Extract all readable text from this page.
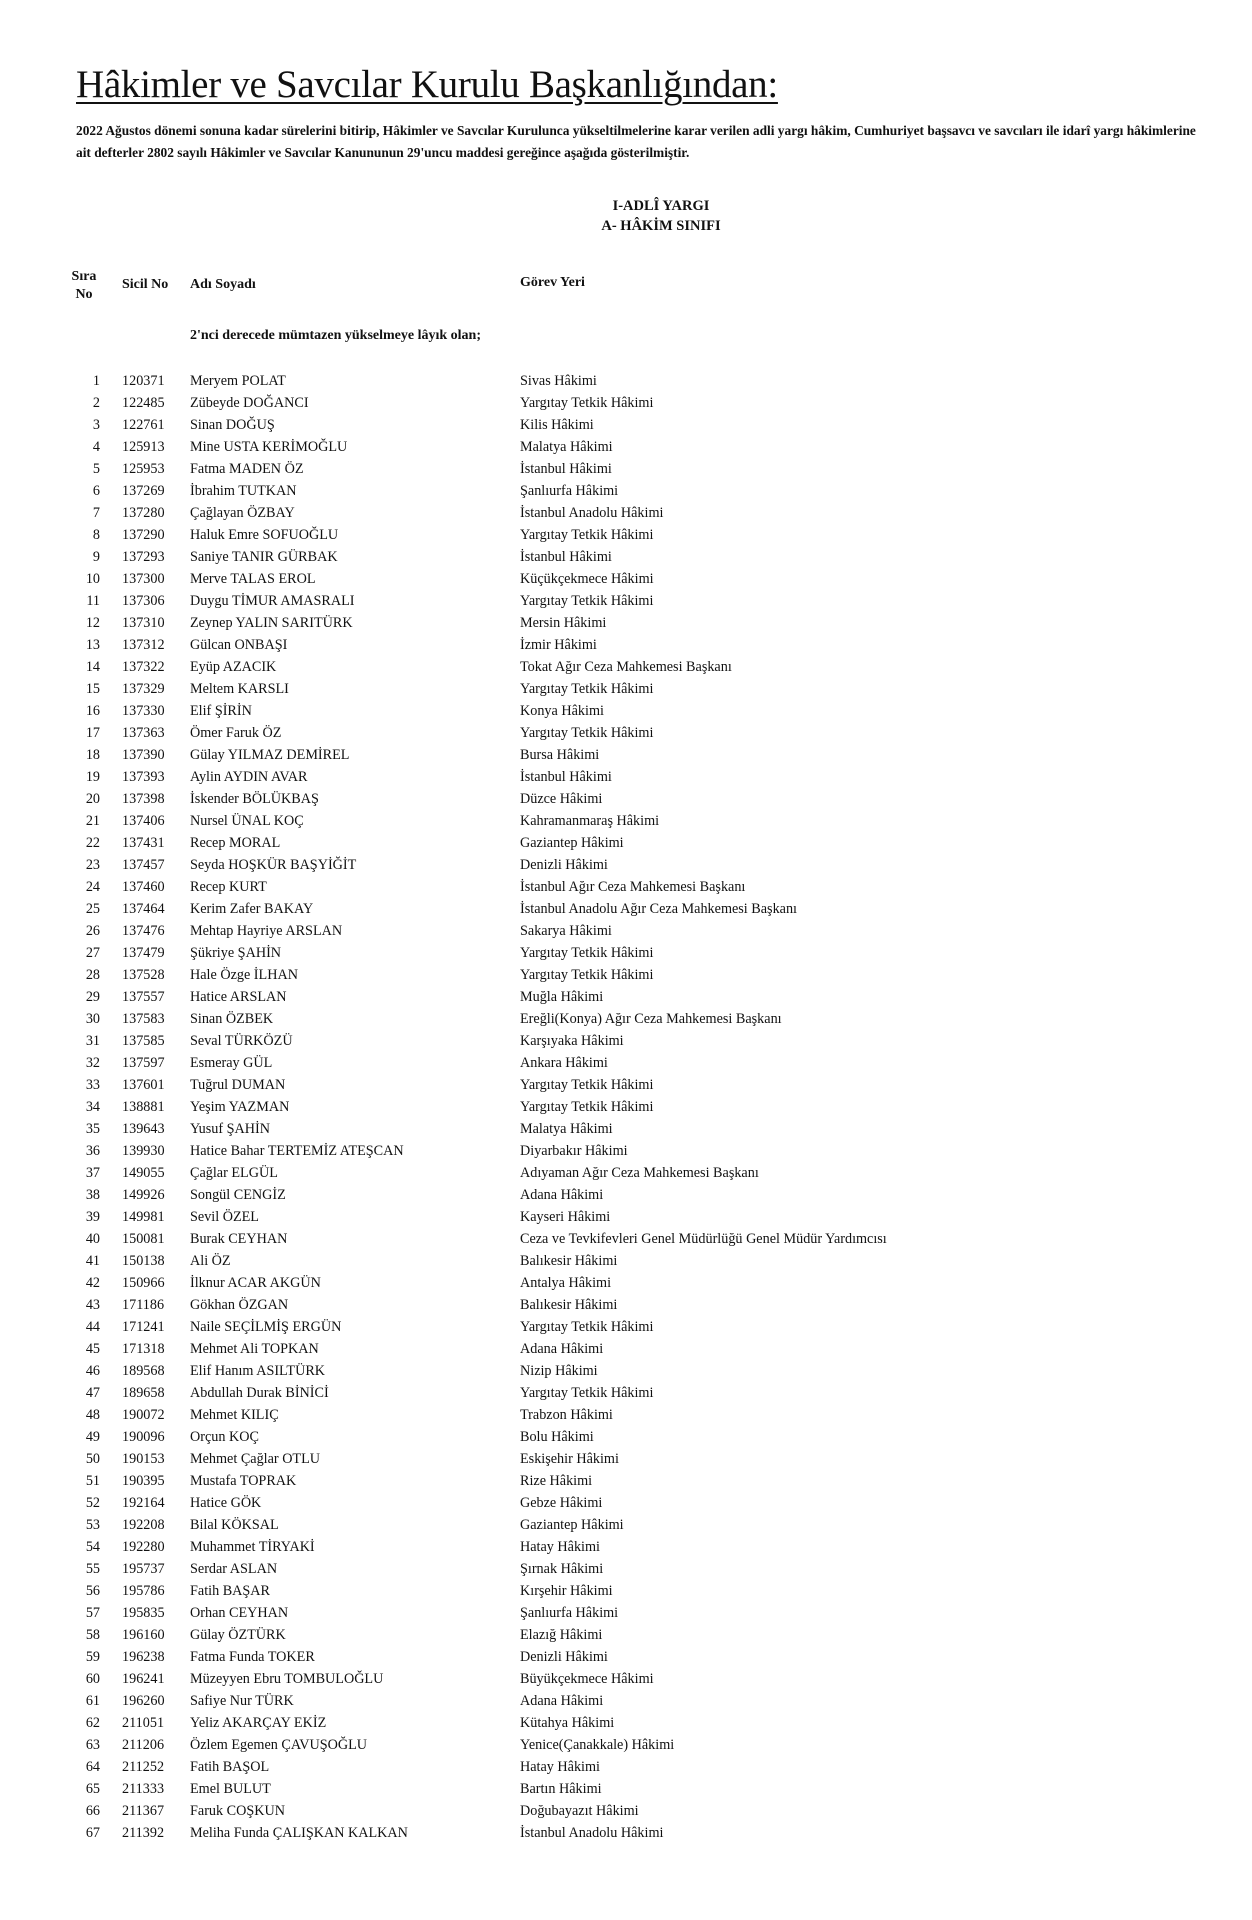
Hâkimler ve Savcılar Kurulu Başkanlığından:

2022 Ağustos dönemi sonuna kadar sürelerini bitirip, Hâkimler ve Savcılar Kurulunca yükseltilmelerine karar verilen adli yargı hâkim, Cumhuriyet başsavcı ve savcıları ile idarî yargı hâkimlerine ait defterler 2802 sayılı Hâkimler ve Savcılar Kanununun 29'uncu maddesi gereğince aşağıda gösterilmiştir.

I-ADLÎ YARGI
A- HÂKİM SINIFI
Sıra
No
Sicil No Adı Soyadı	Görev Yeri
2'nci derecede mümtazen yükselmeye lâyık olan;
1 120371 Meryem POLAT	Sivas Hâkimi
2 122485 Zübeyde DOĞANCI	Yargıtay Tetkik Hâkimi
3 122761 Sinan DOĞUŞ	Kilis Hâkimi
4 125913 Mine USTA KERİMOĞLU	Malatya Hâkimi
5 125953 Fatma MADEN ÖZ	İstanbul Hâkimi
6 137269 İbrahim TUTKAN	Şanlıurfa Hâkimi
7 137280 Çağlayan ÖZBAY	İstanbul Anadolu Hâkimi
8 137290 Haluk Emre SOFUOĞLU	Yargıtay Tetkik Hâkimi
9 137293 Saniye TANIR GÜRBAK	İstanbul Hâkimi
10 137300 Merve TALAS EROL	Küçükçekmece Hâkimi
11 137306 Duygu TİMUR AMASRALI	Yargıtay Tetkik Hâkimi
12 137310 Zeynep YALIN SARITÜRK	Mersin Hâkimi
13 137312 Gülcan ONBAŞI	İzmir Hâkimi
14 137322 Eyüp AZACIK	Tokat Ağır Ceza Mahkemesi Başkanı
15 137329 Meltem KARSLI	Yargıtay Tetkik Hâkimi
16 137330 Elif ŞİRİN	Konya Hâkimi
17 137363 Ömer Faruk ÖZ	Yargıtay Tetkik Hâkimi
18 137390 Gülay YILMAZ DEMİREL	Bursa Hâkimi
19 137393 Aylin AYDIN AVAR	İstanbul Hâkimi
20 137398 İskender BÖLÜKBAŞ	Düzce Hâkimi
21 137406 Nursel ÜNAL KOÇ	Kahramanmaraş Hâkimi
22 137431 Recep MORAL	Gaziantep Hâkimi
23 137457 Seyda HOŞKÜR BAŞYİĞİT	Denizli Hâkimi
24 137460 Recep KURT	İstanbul Ağır Ceza Mahkemesi Başkanı
25 137464 Kerim Zafer BAKAY	İstanbul Anadolu Ağır Ceza Mahkemesi Başkanı
26 137476 Mehtap Hayriye ARSLAN	Sakarya Hâkimi
27 137479 Şükriye ŞAHİN	Yargıtay Tetkik Hâkimi
28 137528 Hale Özge İLHAN	Yargıtay Tetkik Hâkimi
29 137557 Hatice ARSLAN	Muğla Hâkimi
30 137583 Sinan ÖZBEK	Ereğli(Konya) Ağır Ceza Mahkemesi Başkanı
31 137585 Seval TÜRKÖZÜ	Karşıyaka Hâkimi
32 137597 Esmeray GÜL	Ankara Hâkimi
33 137601 Tuğrul DUMAN	Yargıtay Tetkik Hâkimi
34 138881 Yeşim YAZMAN	Yargıtay Tetkik Hâkimi
35 139643 Yusuf ŞAHİN	Malatya Hâkimi
36 139930 Hatice Bahar TERTEMİZ ATEŞCAN	Diyarbakır Hâkimi
37 149055 Çağlar ELGÜL	Adıyaman Ağır Ceza Mahkemesi Başkanı
38 149926 Songül CENGİZ	Adana Hâkimi
39 149981 Sevil ÖZEL	Kayseri Hâkimi
40 150081 Burak CEYHAN	Ceza ve Tevkifevleri Genel Müdürlüğü Genel Müdür Yardımcısı
41 150138 Ali ÖZ	Balıkesir Hâkimi
42 150966 İlknur ACAR AKGÜN	Antalya Hâkimi
43 171186 Gökhan ÖZGAN	Balıkesir Hâkimi
44 171241 Naile SEÇİLMİŞ ERGÜN	Yargıtay Tetkik Hâkimi
45 171318 Mehmet Ali TOPKAN	Adana Hâkimi
46 189568 Elif Hanım ASILTÜRK	Nizip Hâkimi
47 189658 Abdullah Durak BİNİCİ	Yargıtay Tetkik Hâkimi
48 190072 Mehmet KILIÇ	Trabzon Hâkimi
49 190096 Orçun KOÇ	Bolu Hâkimi
50 190153 Mehmet Çağlar OTLU	Eskişehir Hâkimi
51 190395 Mustafa TOPRAK	Rize Hâkimi
52 192164 Hatice GÖK	Gebze Hâkimi
53 192208 Bilal KÖKSAL	Gaziantep Hâkimi
54 192280 Muhammet TİRYAKİ	Hatay Hâkimi
55 195737 Serdar ASLAN	Şırnak Hâkimi
56 195786 Fatih BAŞAR	Kırşehir Hâkimi
57 195835 Orhan CEYHAN	Şanlıurfa Hâkimi
58 196160 Gülay ÖZTÜRK	Elazığ Hâkimi
59 196238 Fatma Funda TOKER	Denizli Hâkimi
60 196241 Müzeyyen Ebru TOMBULOĞLU	Büyükçekmece Hâkimi
61 196260 Safiye Nur TÜRK	Adana Hâkimi
62 211051 Yeliz AKARÇAY EKİZ	Kütahya Hâkimi
63 211206 Özlem Egemen ÇAVUŞOĞLU	Yenice(Çanakkale) Hâkimi
64 211252 Fatih BAŞOL	Hatay Hâkimi
65 211333 Emel BULUT	Bartın Hâkimi
66 211367 Faruk COŞKUN	Doğubayazıt Hâkimi
67 211392 Meliha Funda ÇALIŞKAN KALKAN	İstanbul Anadolu Hâkimi
